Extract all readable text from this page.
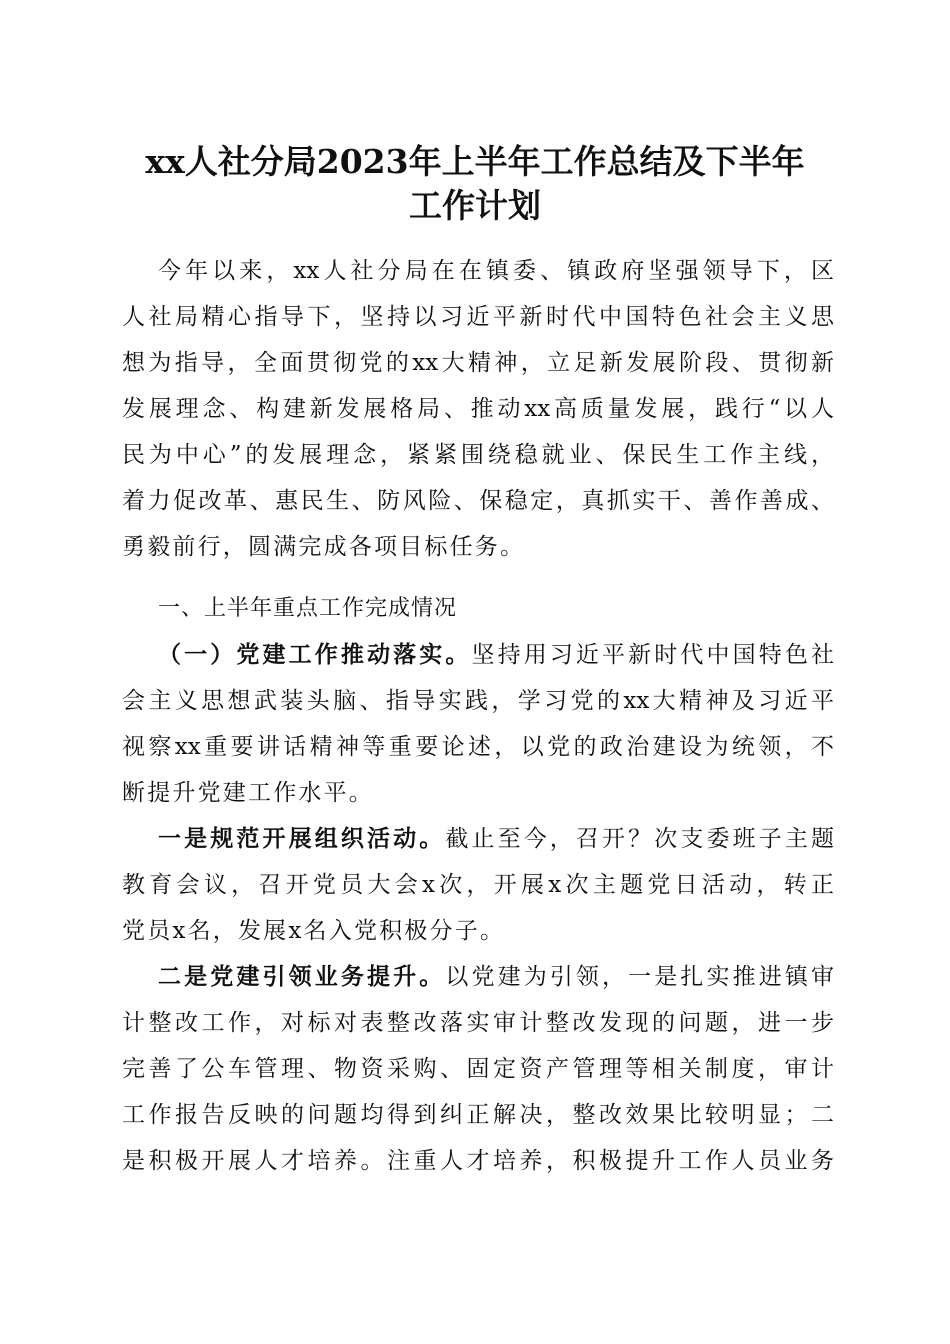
xx人社分局2023年上半年工作总结及下半年
工作计划
今年以来，xx人社分局在在镇委、镇政府坚强领导下，区
人社局精心指导下，坚持以习近平新时代中国特色社会主义思
想为指导，全面贯彻党的xx大精神，立足新发展阶段、贯彻新
发展理念、构建新发展格局、推动xx高质量发展，践行“以人
民为中心”的发展理念，紧紧围绕稳就业、保民生工作主线，
着力促改革、惠民生、防风险、保稳定，真抓实干、善作善成、
勇毅前行，圆满完成各项目标任务。
一、上半年重点工作完成情况
（一）党建工作推动落实。坚持用习近平新时代中国特色社
会主义思想武装头脑、指导实践，学习党的xx大精神及习近平
视察xx重要讲话精神等重要论述，以党的政治建设为统领，不
断提升党建工作水平。
一是规范开展组织活动。截止至今，召开？次支委班子主题
教育会议，召开党员大会x次，开展x次主题党日活动，转正
党员x名，发展x名入党积极分子。
二是党建引领业务提升。以党建为引领，一是扎实推进镇审
计整改工作，对标对表整改落实审计整改发现的问题，进一步
完善了公车管理、物资采购、固定资产管理等相关制度，审计
工作报告反映的问题均得到纠正解决，整改效果比较明显；二
是积极开展人才培养。注重人才培养，积极提升工作人员业务
